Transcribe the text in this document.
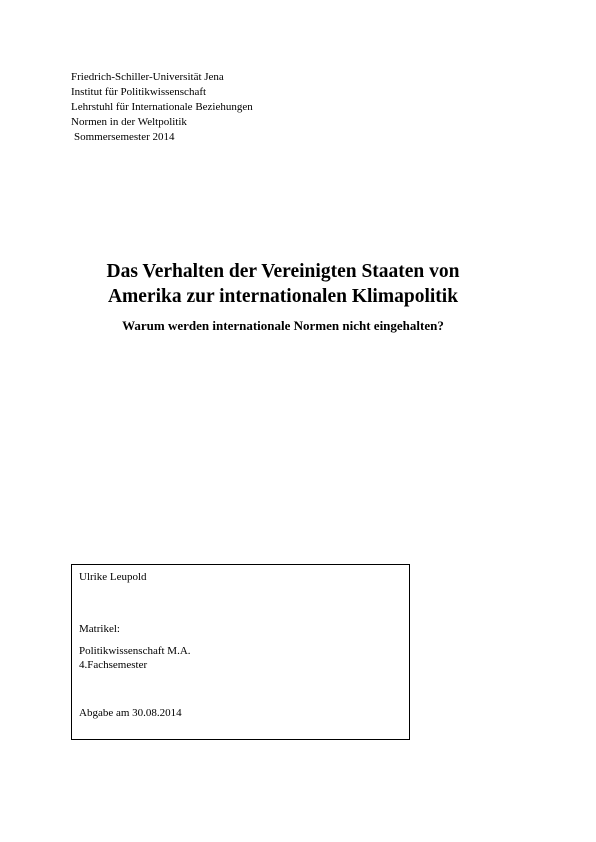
Friedrich-Schiller-Universität Jena
Institut für Politikwissenschaft
Lehrstuhl für Internationale Beziehungen
Normen in der Weltpolitik
Sommersemester 2014
Das Verhalten der Vereinigten Staaten von
Amerika zur internationalen Klimapolitik
Warum werden internationale Normen nicht eingehalten?
Ulrike Leupold
Matrikel:
Politikwissenschaft M.A.
4.Fachsemester
Abgabe am 30.08.2014
